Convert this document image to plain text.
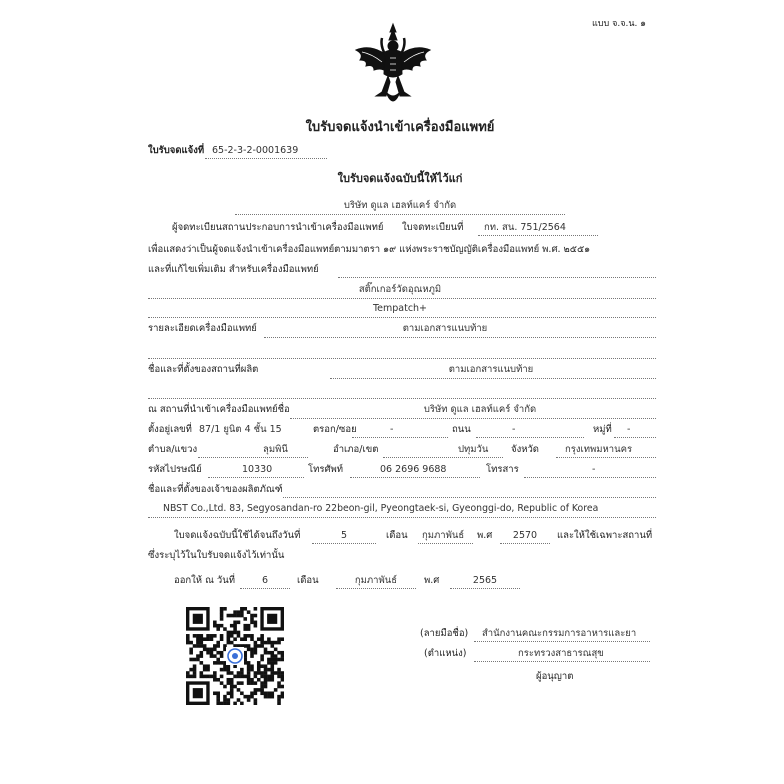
แบบ จ.จ.น. ๑
ใบรับจดแจ้งนำเข้าเครื่องมือแพทย์
ใบรับจดแจ้งที่ 65-2-3-2-0001639
ใบรับจดแจ้งฉบับนี้ให้ไว้แก่
บริษัท ดูแล เฮลท์แคร์ จำกัด
ผู้จดทะเบียนสถานประกอบการนำเข้าเครื่องมือแพทย์ ใบจดทะเบียนที่ กท. สน. 751/2564
เพื่อแสดงว่าเป็นผู้จดแจ้งนำเข้าเครื่องมือแพทย์ตามมาตรา ๑๙ แห่งพระราชบัญญัติเครื่องมือแพทย์ พ.ศ. ๒๕๕๑
และที่แก้ไขเพิ่มเติม สำหรับเครื่องมือแพทย์
สติ๊กเกอร์วัดอุณหภูมิ
Tempatch+
รายละเอียดเครื่องมือแพทย์	ตามเอกสารแนบท้าย
ชื่อและที่ตั้งของสถานที่ผลิต	ตามเอกสารแนบท้าย
ณ สถานที่นำเข้าเครื่องมือแพทย์ชื่อ	บริษัท ดูแล เฮลท์แคร์ จำกัด
ตั้งอยู่เลขที่ 87/1 ยูนิต 4 ชั้น 15	ตรอก/ซอย	-	ถนน	-	หมู่ที่ -
ตำบล/แขวง	ลุมพินี	อำเภอ/เขต	ปทุมวัน จังหวัด	กรุงเทพมหานคร
รหัสไปรษณีย์	10330	โทรศัพท์	06 2696 9688	โทรสาร	-
ชื่อและที่ตั้งของเจ้าของผลิตภัณฑ์
NBST Co.,Ltd. 83, Segyosandan-ro 22beon-gil, Pyeongtaek-si, Gyeonggi-do, Republic of Korea
ใบจดแจ้งฉบับนี้ใช้ได้จนถึงวันที่	5	เดือน กุมภาพันธ์ พ.ศ	2570	และให้ใช้เฉพาะสถานที่
ซึ่งระบุไว้ในใบรับจดแจ้งไว้เท่านั้น
ออกให้ ณ วันที่	6	เดือน	กุมภาพันธ์	พ.ศ	2565
(ลายมือชื่อ) สำนักงานคณะกรรมการอาหารและยา
(ตำแหน่ง)	กระทรวงสาธารณสุข
ผู้อนุญาต
